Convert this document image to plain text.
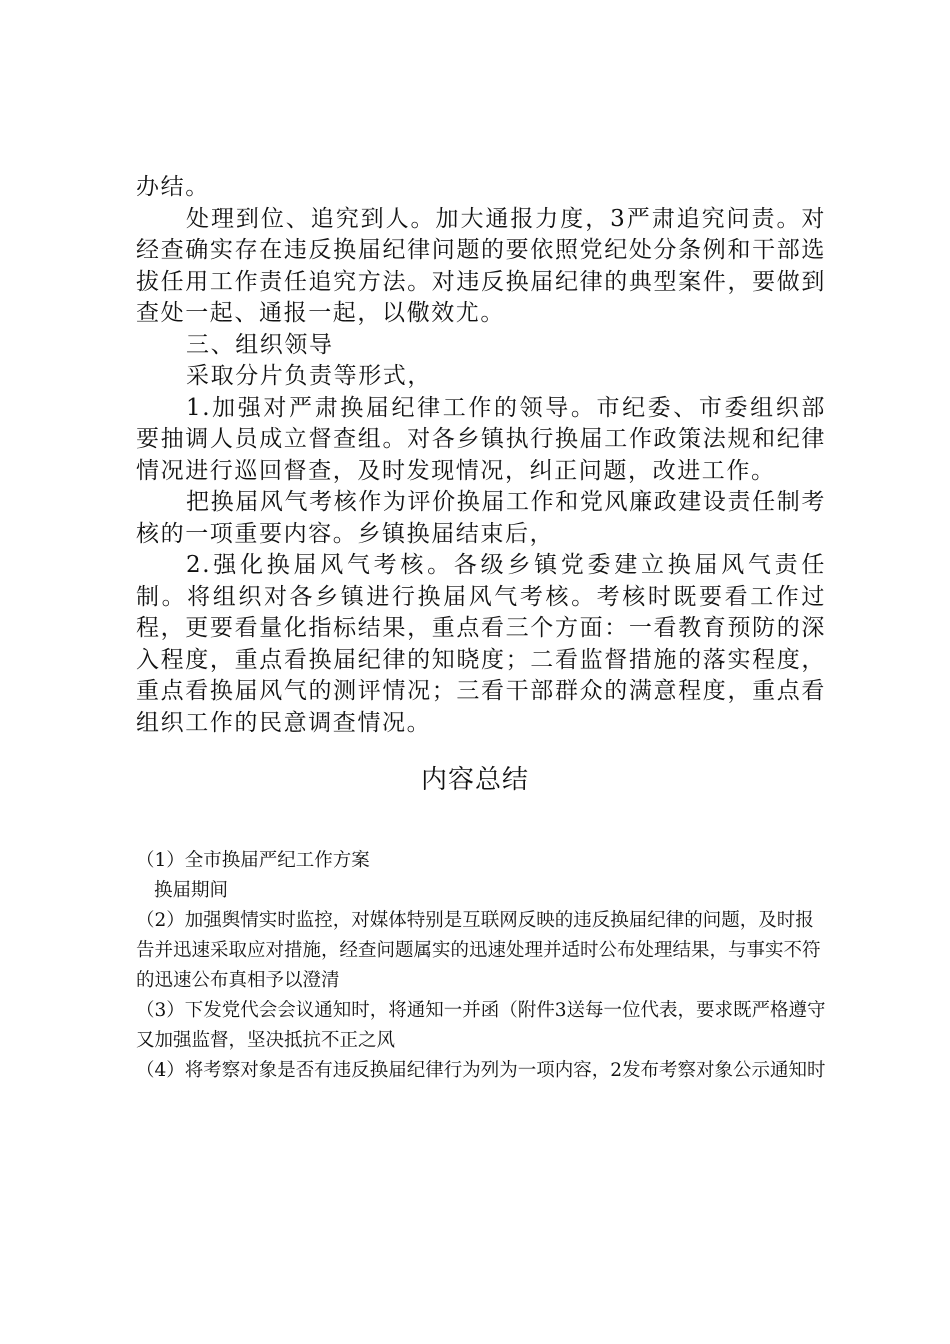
办结。

处理到位、追究到人。加大通报力度，3严肃追究问责。对经查确实存在违反换届纪律问题的要依照党纪处分条例和干部选拔任用工作责任追究方法。对违反换届纪律的典型案件，要做到查处一起、通报一起，以儆效尤。

三、组织领导

采取分片负责等形式，

1.加强对严肃换届纪律工作的领导。市纪委、市委组织部要抽调人员成立督查组。对各乡镇执行换届工作政策法规和纪律情况进行巡回督查，及时发现情况，纠正问题，改进工作。

把换届风气考核作为评价换届工作和党风廉政建设责任制考核的一项重要内容。乡镇换届结束后，

2.强化换届风气考核。各级乡镇党委建立换届风气责任制。将组织对各乡镇进行换届风气考核。考核时既要看工作过程，更要看量化指标结果，重点看三个方面：一看教育预防的深入程度，重点看换届纪律的知晓度；二看监督措施的落实程度，重点看换届风气的测评情况；三看干部群众的满意程度，重点看组织工作的民意调查情况。

内容总结

（1）全市换届严纪工作方案

换届期间

（2）加强舆情实时监控，对媒体特别是互联网反映的违反换届纪律的问题，及时报告并迅速采取应对措施，经查问题属实的迅速处理并适时公布处理结果，与事实不符的迅速公布真相予以澄清

（3）下发党代会会议通知时，将通知一并函（附件3送每一位代表，要求既严格遵守又加强监督，坚决抵抗不正之风

（4）将考察对象是否有违反换届纪律行为列为一项内容，2发布考察对象公示通知时
